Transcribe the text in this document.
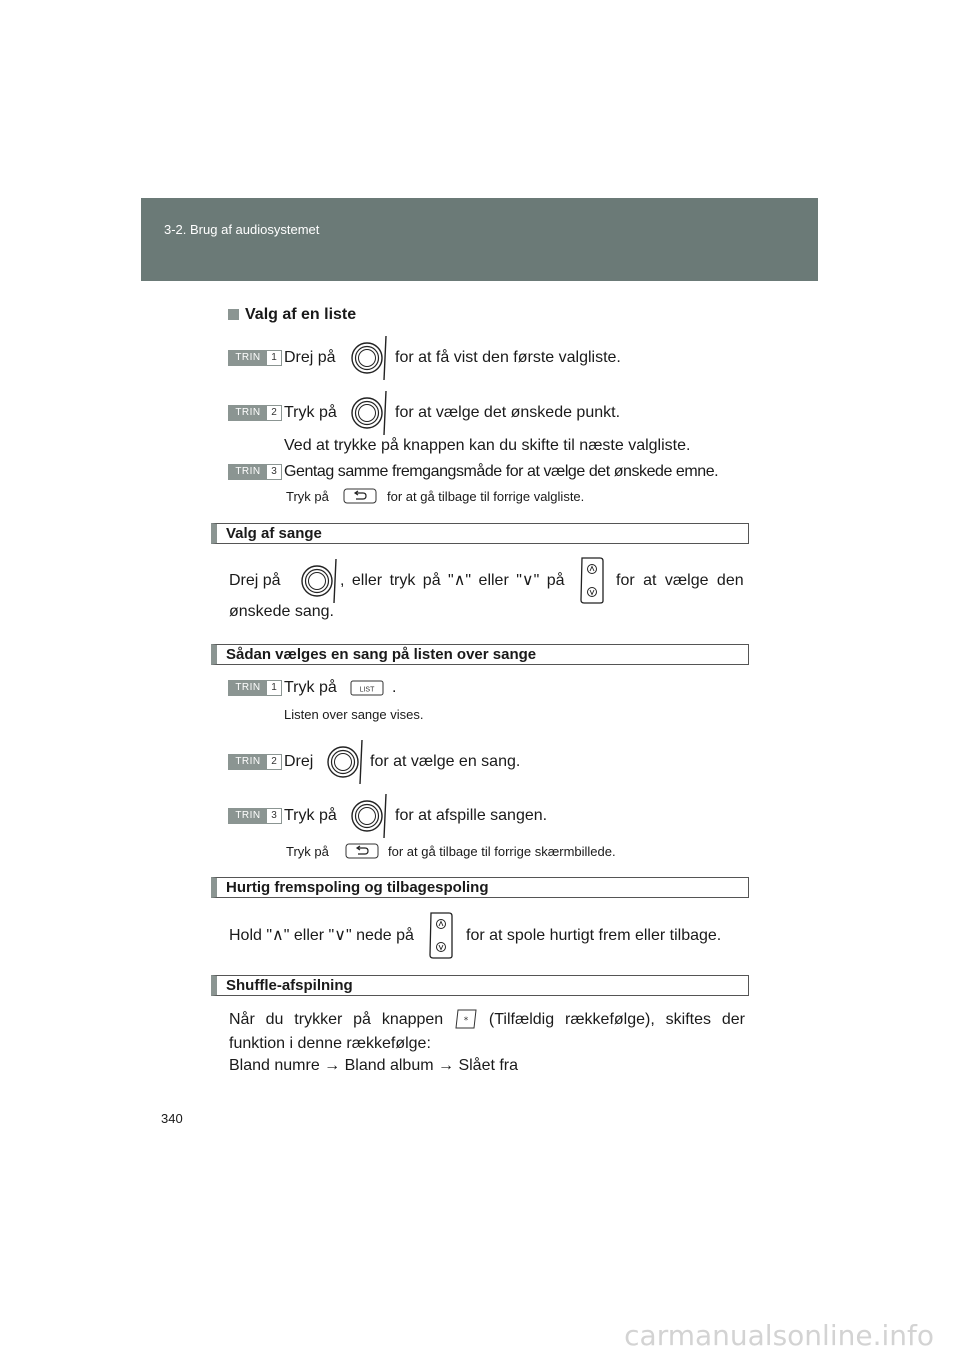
3-2. Brug af audiosystemet
Valg af en liste
TRIN	1 Drej på	for at få vist den første valgliste.
TRIN	2 Tryk på	for at vælge det ønskede punkt.
Ved at trykke på knappen kan du skifte til næste valgliste.
TRIN	3 Gentag samme fremgangsmåde for at vælge det ønskede emne.
Tryk på	for at gå tilbage til forrige valgliste.
Valg af sange
Drej på	, eller tryk på "∧" eller "∨" på	for at vælge den
ønskede sang.
Sådan vælges en sang på listen over sange
TRIN	1 Tryk på	LIST .
Listen over sange vises.
TRIN	2 Drej	for at vælge en sang.
TRIN	3 Tryk på	for at afspille sangen.
Tryk på	for at gå tilbage til forrige skærmbillede.
Hurtig fremspoling og tilbagespoling
Hold "∧" eller "∨" nede på	for at spole hurtigt frem eller tilbage.
Shuffle-afspilning
Når du trykker på knappen * (Tilfældig rækkefølge), skiftes der
funktion i denne rækkefølge:
Bland numre → Bland album → Slået fra
340
carmanualsonline.info
